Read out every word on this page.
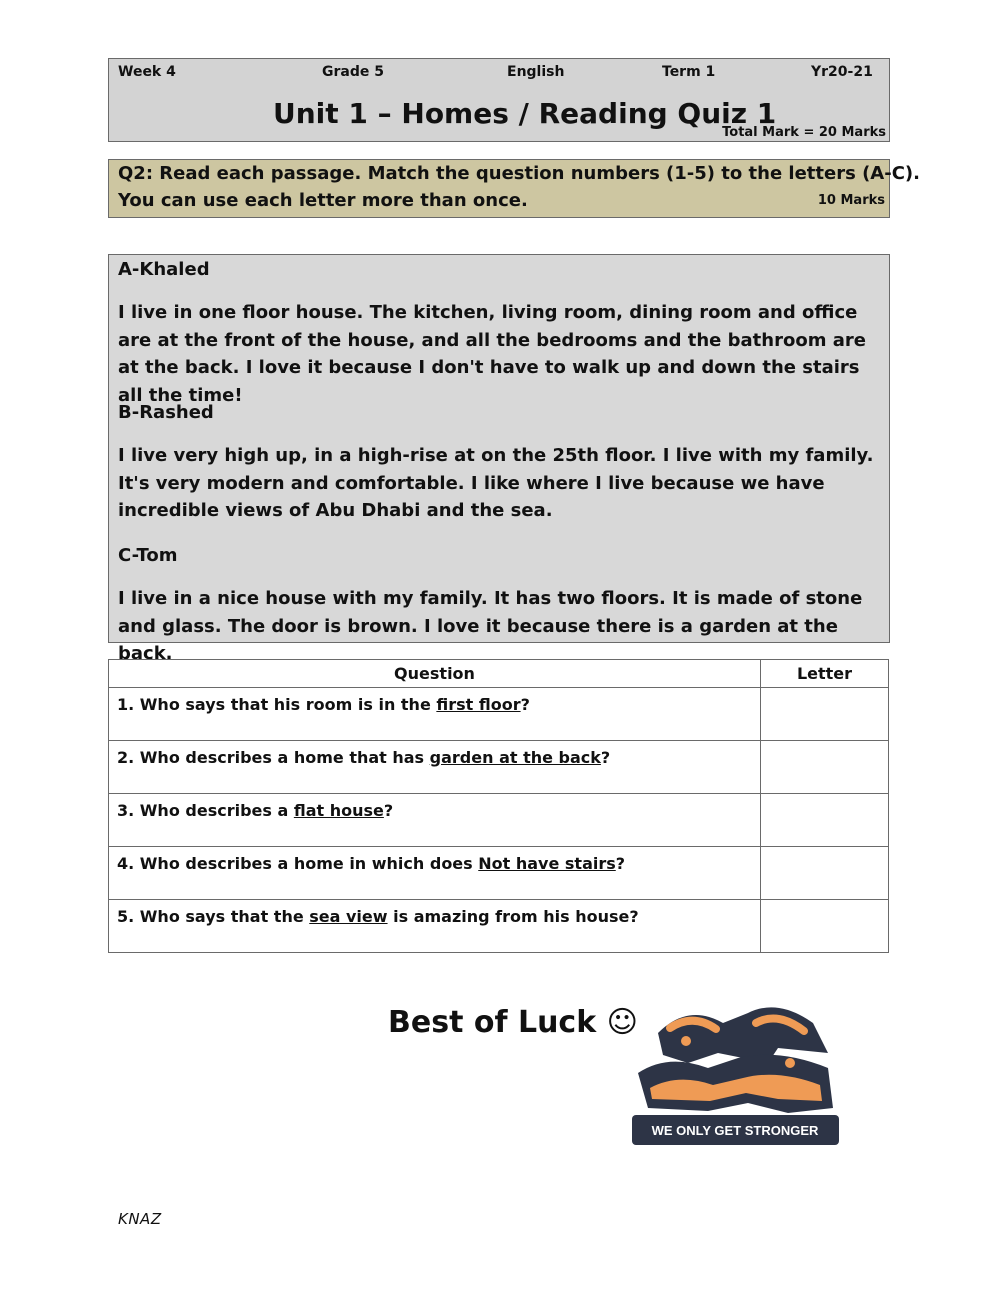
Week 4	Grade 5	English	Term 1	Yr20-21
Unit 1 – Homes / Reading Quiz 1
Total Mark = 20 Marks
Q2: Read each passage. Match the question numbers (1-5) to the letters (A-C).
You can use each letter more than once.	10 Marks
A-Khaled
I live in one floor house. The kitchen, living room, dining room and office are at the front of the house, and all the bedrooms and the bathroom are at the back. I love it because I don't have to walk up and down the stairs all the time!
B-Rashed
I live very high up, in a high-rise at on the 25th floor. I live with my family. It's very modern and comfortable. I like where I live because we have incredible views of Abu Dhabi and the sea.
C-Tom
I live in a nice house with my family. It has two floors. It is made of stone and glass. The door is brown. I love it because there is a garden at the back.
Question	Letter
1. Who says that his room is in the first floor?	
2. Who describes a home that has garden at the back?	
3. Who describes a flat house?	
4. Who describes a home in which does Not have stairs?	
5. Who says that the sea view is amazing from his house?	
Best of Luck ☺
WE ONLY GET STRONGER
KNAZ
